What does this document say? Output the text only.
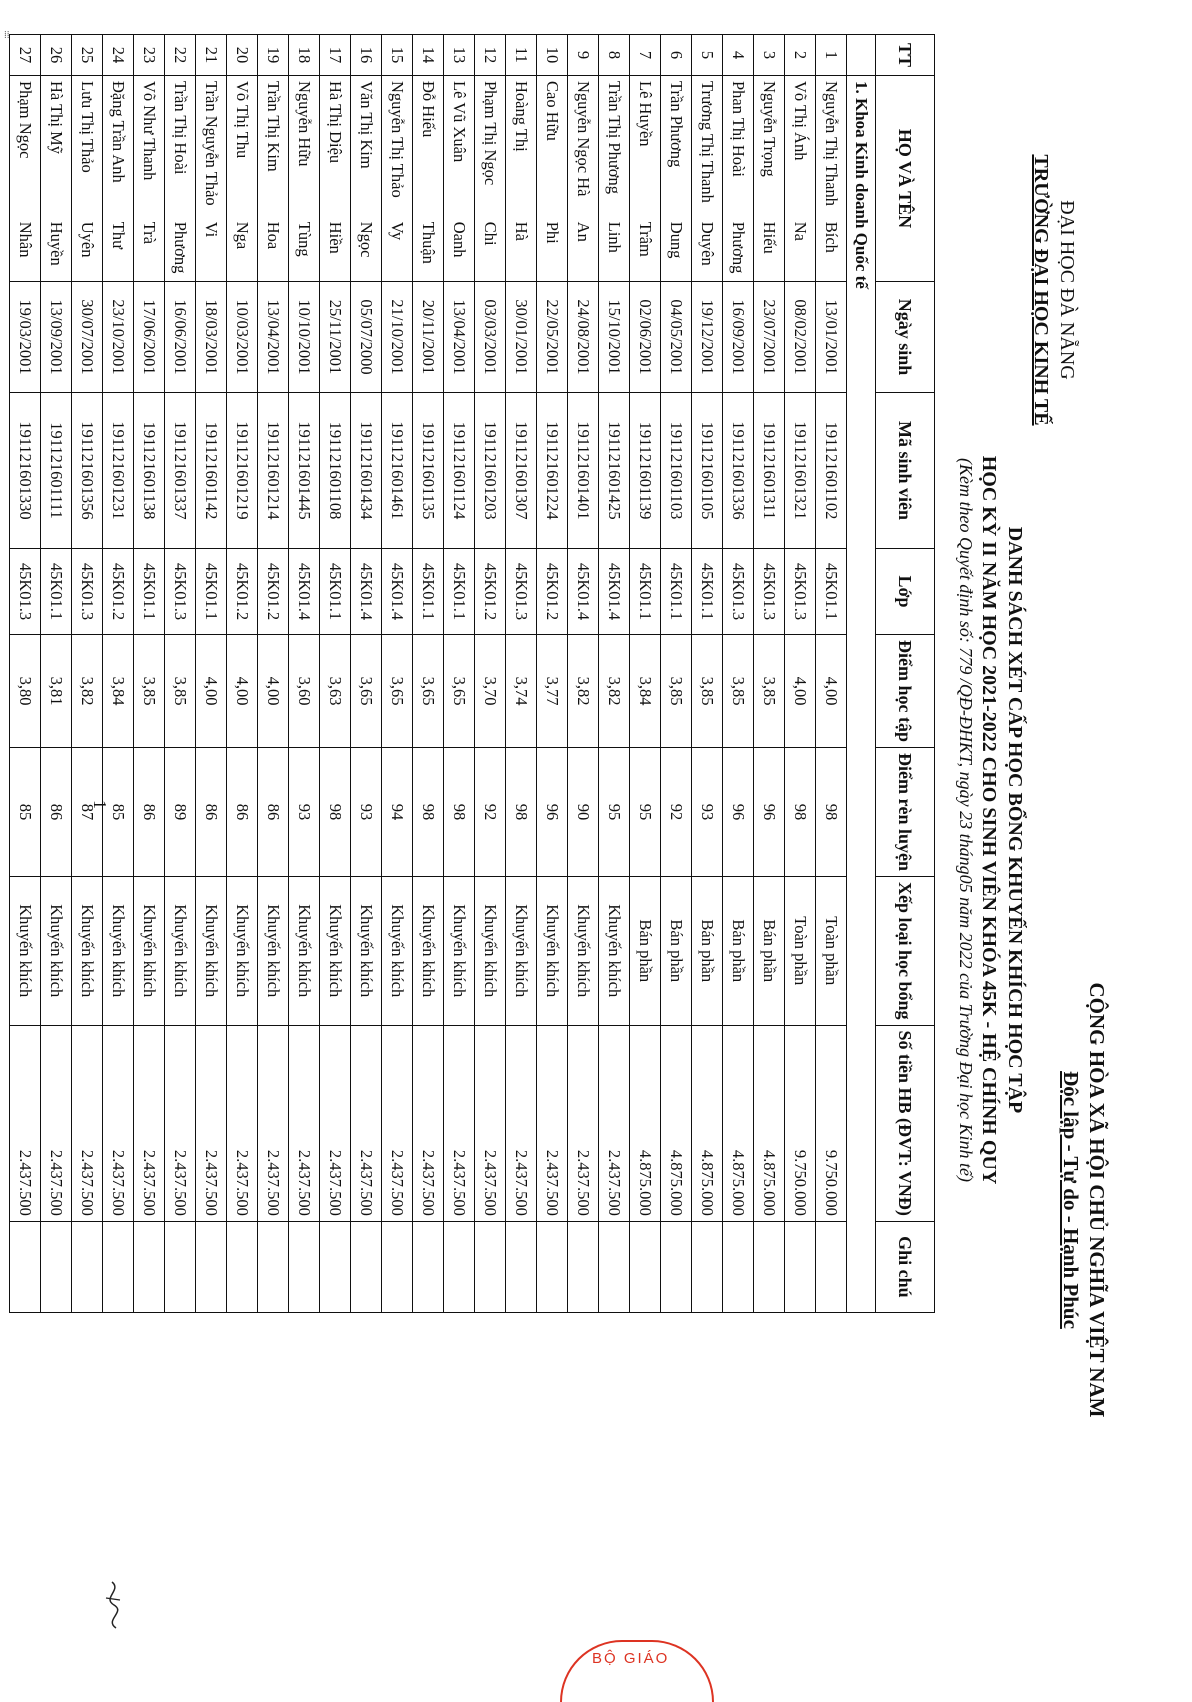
⁞⁞
ĐẠI HỌC ĐÀ NẴNG
TRƯỜNG ĐẠI HỌC KINH TẾ
CỘNG HÒA XÃ HỘI CHỦ NGHĨA VIỆT NAM
Độc lập - Tự do - Hạnh Phúc
DANH SÁCH XÉT CẤP HỌC BỔNG KHUYẾN KHÍCH HỌC TẬP
HỌC KỲ II NĂM HỌC 2021-2022 CHO SINH VIÊN KHÓA 45K - HỆ CHÍNH QUY
(Kèm theo Quyết định số: 779 /QĐ-ĐHKT, ngày 23 tháng05 năm 2022 của Trường Đại học Kinh tế)
TT	HỌ VÀ TÊN		Ngày sinh	Mã sinh viên	Lớp	Điểm học tập	Điểm rèn luyện	Xếp loại học bổng	Số tiền HB (ĐVT: VNĐ)	Ghi chú
	1. Khoa Kinh doanh Quốc tế									
1	Nguyễn Thị Thanh	Bích	13/01/2001	191121601102	45K01.1	4,00	98	Toàn phần	9.750.000	
2	Võ Thị Ánh	Na	08/02/2001	191121601321	45K01.3	4,00	98	Toàn phần	9.750.000	
3	Nguyễn Trọng	Hiếu	23/07/2001	191121601311	45K01.3	3,85	96	Bán phần	4.875.000	
4	Phan Thị Hoài	Phương	16/09/2001	191121601336	45K01.3	3,85	96	Bán phần	4.875.000	
5	Trương Thị Thanh	Duyên	19/12/2001	191121601105	45K01.1	3,85	93	Bán phần	4.875.000	
6	Trần Phương	Dung	04/05/2001	191121601103	45K01.1	3,85	92	Bán phần	4.875.000	
7	Lê Huyền	Trâm	02/06/2001	191121601139	45K01.1	3,84	95	Bán phần	4.875.000	
8	Trần Thị Phương	Linh	15/10/2001	191121601425	45K01.4	3,82	95	Khuyến khích	2.437.500	
9	Nguyễn Ngọc Hà	An	24/08/2001	191121601401	45K01.4	3,82	90	Khuyến khích	2.437.500	
10	Cao Hữu	Phi	22/05/2001	191121601224	45K01.2	3,77	96	Khuyến khích	2.437.500	
11	Hoàng Thị	Hà	30/01/2001	191121601307	45K01.3	3,74	98	Khuyến khích	2.437.500	
12	Phạm Thị Ngọc	Chi	03/03/2001	191121601203	45K01.2	3,70	92	Khuyến khích	2.437.500	
13	Lê Vũ Xuân	Oanh	13/04/2001	191121601124	45K01.1	3,65	98	Khuyến khích	2.437.500	
14	Đỗ Hiếu	Thuận	20/11/2001	191121601135	45K01.1	3,65	98	Khuyến khích	2.437.500	
15	Nguyễn Thị Thảo	Vy	21/10/2001	191121601461	45K01.4	3,65	94	Khuyến khích	2.437.500	
16	Văn Thị Kim	Ngọc	05/07/2000	191121601434	45K01.4	3,65	93	Khuyến khích	2.437.500	
17	Hà Thị Diệu	Hiền	25/11/2001	191121601108	45K01.1	3,63	98	Khuyến khích	2.437.500	
18	Nguyễn Hữu	Tùng	10/10/2001	191121601445	45K01.4	3,60	93	Khuyến khích	2.437.500	
19	Trần Thị Kim	Hoa	13/04/2001	191121601214	45K01.2	4,00	86	Khuyến khích	2.437.500	
20	Võ Thị Thu	Nga	10/03/2001	191121601219	45K01.2	4,00	86	Khuyến khích	2.437.500	
21	Trần Nguyễn Thảo	Vi	18/03/2001	191121601142	45K01.1	4,00	86	Khuyến khích	2.437.500	
22	Trần Thị Hoài	Phương	16/06/2001	191121601337	45K01.3	3,85	89	Khuyến khích	2.437.500	
23	Võ Như Thanh	Trà	17/06/2001	191121601138	45K01.1	3,85	86	Khuyến khích	2.437.500	
24	Đặng Trần Anh	Thư	23/10/2001	191121601231	45K01.2	3,84	85	Khuyến khích	2.437.500	
25	Lưu Thị Thảo	Uyên	30/07/2001	191121601356	45K01.3	3,82	87	Khuyến khích	2.437.500	
26	Hà Thị Mỹ	Huyền	13/09/2001	191121601111	45K01.1	3,81	86	Khuyến khích	2.437.500	
27	Phạm Ngọc	Nhân	19/03/2001	191121601330	45K01.3	3,80	85	Khuyến khích	2.437.500	
1
BỘ GIÁO
